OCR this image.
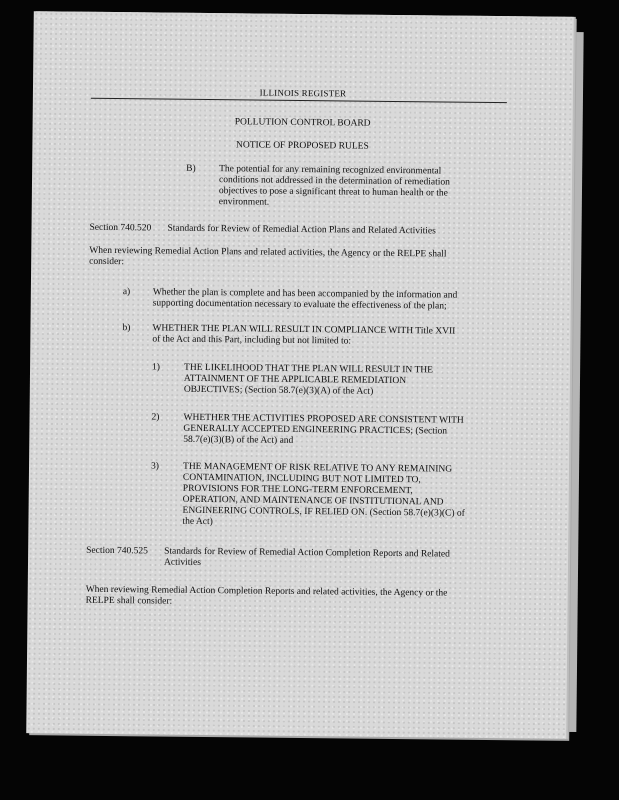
ILLINOIS REGISTER
POLLUTION CONTROL BOARD
NOTICE OF PROPOSED RULES
B) The potential for any remaining recognized environmental
conditions not addressed in the determination of remediation
objectives to pose a significant threat to human health or the
environment.
Section 740.520 Standards for Review of Remedial Action Plans and Related Activities
When reviewing Remedial Action Plans and related activities, the Agency or the RELPE shall
consider:
a) Whether the plan is complete and has been accompanied by the information and
supporting documentation necessary to evaluate the effectiveness of the plan;
b) WHETHER THE PLAN WILL RESULT IN COMPLIANCE WITH Title XVII
of the Act and this Part, including but not limited to:
1)	THE LIKELIHOOD THAT THE PLAN WILL RESULT IN THE
ATTAINMENT OF THE APPLICABLE REMEDIATION
OBJECTIVES; (Section 58.7(e)(3)(A) of the Act)
2)	WHETHER THE ACTIVITIES PROPOSED ARE CONSISTENT WITH
GENERALLY ACCEPTED ENGINEERING PRACTICES; (Section
58.7(e)(3)(B) of the Act) and
3)	THE MANAGEMENT OF RISK RELATIVE TO ANY REMAINING
CONTAMINATION, INCLUDING BUT NOT LIMITED TO,
PROVISIONS FOR THE LONG-TERM ENFORCEMENT,
OPERATION, AND MAINTENANCE OF INSTITUTIONAL AND
ENGINEERING CONTROLS, IF RELIED ON. (Section 58.7(e)(3)(C) of
the Act)
Section 740.525 Standards for Review of Remedial Action Completion Reports and Related
Activities
When reviewing Remedial Action Completion Reports and related activities, the Agency or the
RELPE shall consider:
